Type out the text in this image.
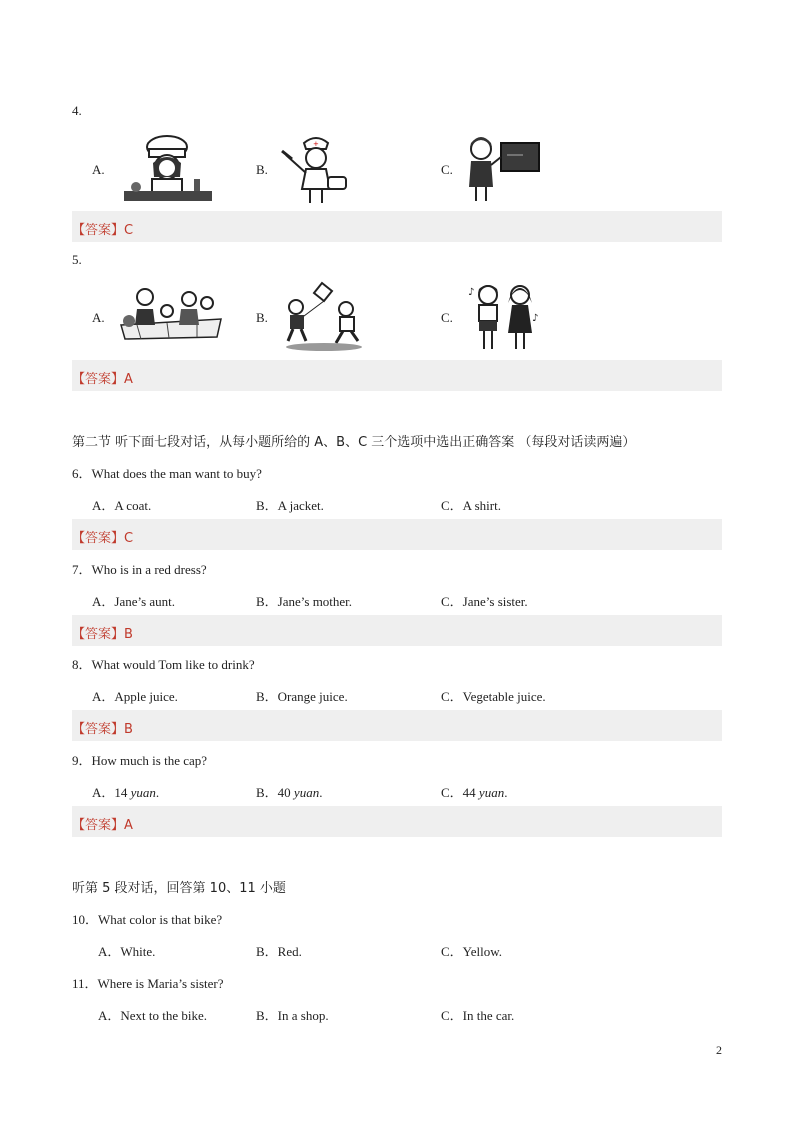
4.
A.	B.
+
C.
【答案】C
5.
A.	B.	C.
♪
♪
【答案】A
第二节 听下面七段对话，从每小题所给的 A、B、C 三个选项中选出正确答案 （每段对话读两遍）
6．What does the man want to buy?
A．A coat.	B．A jacket.	C．A shirt.
【答案】C
7．Who is in a red dress?
A．Jane’s aunt.	B．Jane’s mother.	C．Jane’s sister.
【答案】B
8．What would Tom like to drink?
A．Apple juice.	B．Orange juice.	C．Vegetable juice.
【答案】B
9．How much is the cap?
A．14 yuan.	B．40 yuan.	C．44 yuan.
【答案】A
听第 5 段对话，回答第 10、11 小题
10．What color is that bike?
A．White.	B．Red.	C．Yellow.
11．Where is Maria’s sister?
A．Next to the bike.	B．In a shop.	C．In the car.
2
